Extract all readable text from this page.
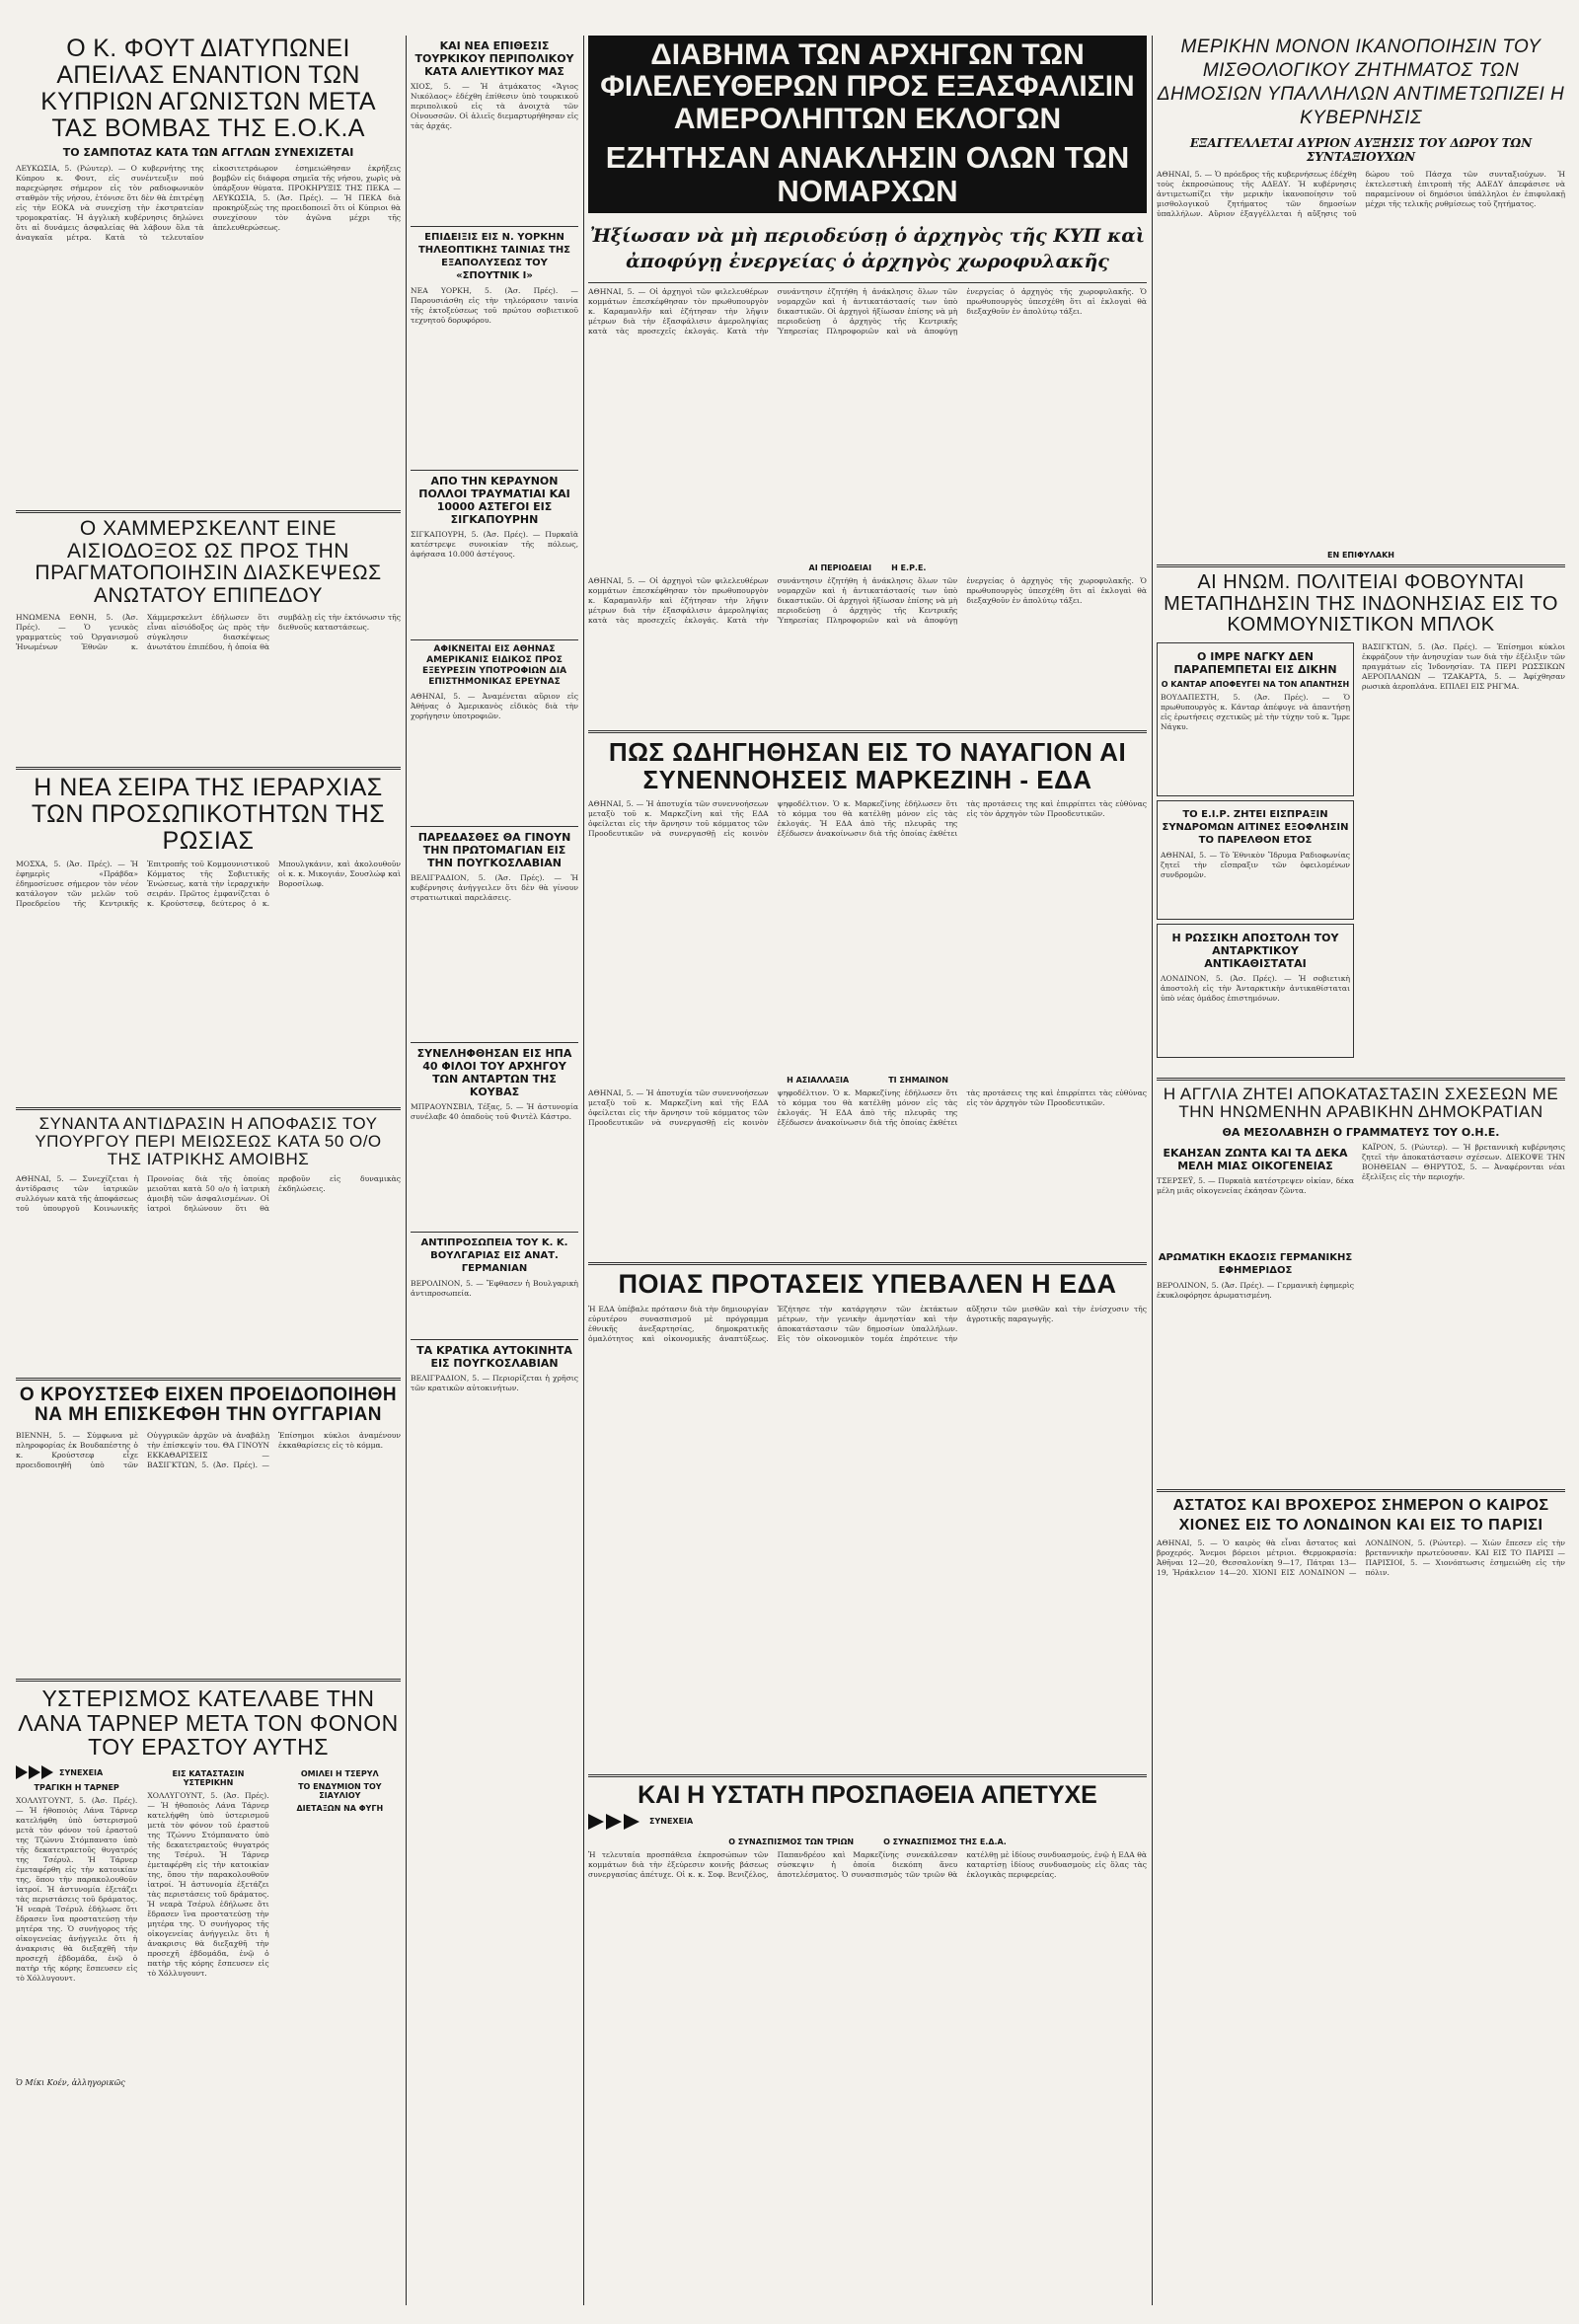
Ο Κ. ΦΟΥΤ ΔΙΑΤΥΠΩΝΕΙ ΑΠΕΙΛΑΣ ΕΝΑΝΤΙΟΝ ΤΩΝ ΚΥΠΡΙΩΝ ΑΓΩΝΙΣΤΩΝ ΜΕΤΑ ΤΑΣ ΒΟΜΒΑΣ ΤΗΣ Ε.Ο.Κ.Α
ΤΟ ΣΑΜΠΟΤΑΖ ΚΑΤΑ ΤΩΝ ΑΓΓΛΩΝ ΣΥΝΕΧΙΖΕΤΑΙ

ΛΕΥΚΩΣΙΑ, 5. (Ρώυτερ). — Ο κυβερνήτης της Κύπρου κ. Φουτ, εἰς συνέντευξιν πού παρεχώρησε σήμερον εἰς τὸν ραδιοφωνικὸν σταθμὸν τῆς νήσου, ἐτόνισε ὅτι δὲν θὰ ἐπιτρέψῃ εἰς τὴν ΕΟΚΑ νὰ συνεχίσῃ τὴν ἐκστρατείαν τρομοκρατίας. Ἡ ἀγγλικὴ κυβέρνησις δηλώνει ὅτι αἱ δυνάμεις ἀσφαλείας θὰ λάβουν ὅλα τὰ ἀναγκαῖα μέτρα. Κατὰ τὸ τελευταῖον εἰκοσιτετράωρον ἐσημειώθησαν ἐκρήξεις βομβῶν εἰς διάφορα σημεῖα τῆς νήσου, χωρὶς νὰ ὑπάρξουν θύματα. ΠΡΟΚΗΡΥΞΙΣ ΤΗΣ ΠΕΚΑ — ΛΕΥΚΩΣΙΑ, 5. (Ἀσ. Πρές). — Ἡ ΠΕΚΑ διὰ προκηρύξεώς της προειδοποιεῖ ὅτι οἱ Κύπριοι θὰ συνεχίσουν τὸν ἀγῶνα μέχρι τῆς ἀπελευθερώσεως.

Ο ΧΑΜΜΕΡΣΚΕΛΝΤ ΕΙΝΕ ΑΙΣΙΟΔΟΞΟΣ ΩΣ ΠΡΟΣ ΤΗΝ ΠΡΑΓΜΑΤΟΠΟΙΗΣΙΝ ΔΙΑΣΚΕΨΕΩΣ ΑΝΩΤΑΤΟΥ ΕΠΙΠΕΔΟΥ

ΗΝΩΜΕΝΑ ΕΘΝΗ, 5. (Ἀσ. Πρές). — Ὁ γενικὸς γραμματεὺς τοῦ Ὀργανισμοῦ Ἡνωμένων Ἐθνῶν κ. Χάμμερσκελντ ἐδήλωσεν ὅτι εἶναι αἰσιόδοξος ὡς πρὸς τὴν σύγκλησιν διασκέψεως ἀνωτάτου ἐπιπέδου, ἡ ὁποία θὰ συμβάλῃ εἰς τὴν ἐκτόνωσιν τῆς διεθνοῦς καταστάσεως.

Η ΝΕΑ ΣΕΙΡΑ ΤΗΣ ΙΕΡΑΡΧΙΑΣ ΤΩΝ ΠΡΟΣΩΠΙΚΟΤΗΤΩΝ ΤΗΣ ΡΩΣΙΑΣ

ΜΟΣΧΑ, 5. (Ἀσ. Πρές). — Ἡ ἐφημερὶς «Πράβδα» ἐδημοσίευσε σήμερον τὸν νέον κατάλογον τῶν μελῶν τοῦ Προεδρείου τῆς Κεντρικῆς Ἐπιτροπῆς τοῦ Κομμουνιστικοῦ Κόμματος τῆς Σοβιετικῆς Ἑνώσεως, κατὰ τὴν ἰεραρχικὴν σειράν. Πρῶτος ἐμφανίζεται ὁ κ. Κρούστσεφ, δεύτερος ὁ κ. Μπουλγκάνιν, καὶ ἀκολουθοῦν οἱ κ. κ. Μικογιάν, Σουσλώφ καὶ Βοροσίλωφ.

ΣΥΝΑΝΤΑ ΑΝΤΙΔΡΑΣΙΝ Η ΑΠΟΦΑΣΙΣ ΤΟΥ ΥΠΟΥΡΓΟΥ ΠΕΡΙ ΜΕΙΩΣΕΩΣ ΚΑΤΑ 50 Ο/Ο ΤΗΣ ΙΑΤΡΙΚΗΣ ΑΜΟΙΒΗΣ

ΑΘΗΝΑΙ, 5. — Συνεχίζεται ἡ ἀντίδρασις τῶν ἰατρικῶν συλλόγων κατὰ τῆς ἀποφάσεως τοῦ ὑπουργοῦ Κοινωνικῆς Προνοίας διὰ τῆς ὁποίας μειοῦται κατὰ 50 ο/ο ἡ ἰατρικὴ ἀμοιβὴ τῶν ἀσφαλισμένων. Οἱ ἰατροὶ δηλώνουν ὅτι θὰ προβοῦν εἰς δυναμικὰς ἐκδηλώσεις.

Ο ΚΡΟΥΣΤΣΕΦ ΕΙΧΕΝ ΠΡΟΕΙΔΟΠΟΙΗΘΗ ΝΑ ΜΗ ΕΠΙΣΚΕΦΘΗ ΤΗΝ ΟΥΓΓΑΡΙΑΝ

ΒΙΕΝΝΗ, 5. — Σύμφωνα μὲ πληροφορίας ἐκ Βουδαπέστης ὁ κ. Κρούστσεφ εἶχε προειδοποιηθῆ ὑπὸ τῶν Οὐγγρικῶν ἀρχῶν νὰ ἀναβάλῃ τὴν ἐπίσκεψίν του. ΘΑ ΓΙΝΟΥΝ ΕΚΚΑΘΑΡΙΣΕΙΣ — ΒΑΣΙΓΚΤΩΝ, 5. (Ἀσ. Πρές). — Ἐπίσημοι κύκλοι ἀναμένουν ἐκκαθαρίσεις εἰς τὸ κόμμα.

ΥΣΤΕΡΙΣΜΟΣ ΚΑΤΕΛΑΒΕ ΤΗΝ ΛΑΝΑ ΤΑΡΝΕΡ ΜΕΤΑ ΤΟΝ ΦΟΝΟΝ ΤΟΥ ΕΡΑΣΤΟΥ ΑΥΤΗΣ
ΣΥΝΕΧΕΙΑ
ΤΡΑΓΙΚΗ Η ΤΑΡΝΕΡ

ΧΟΛΛΥΓΟΥΝΤ, 5. (Ἀσ. Πρές). — Ἡ ἠθοποιὸς Λάνα Τάρνερ κατελήφθη ὑπὸ ὑστερισμοῦ μετὰ τὸν φόνον τοῦ ἐραστοῦ της Τζώννυ Στόμπανατο ὑπὸ τῆς δεκατετραετοῦς θυγατρός της Τσέρυλ. Ἡ Τάρνερ ἐμεταφέρθη εἰς τὴν κατοικίαν της, ὅπου τὴν παρακολουθοῦν ἰατροί. Ἡ ἀστυνομία ἐξετάζει τὰς περιστάσεις τοῦ δράματος. Ἡ νεαρὰ Τσέρυλ ἐδήλωσε ὅτι ἔδρασεν ἵνα προστατεύσῃ τὴν μητέρα της. Ὁ συνήγορος τῆς οἰκογενείας ἀνήγγειλε ὅτι ἡ ἀνακρισις θὰ διεξαχθῆ τὴν προσεχῆ ἑβδομάδα, ἐνῷ ὁ πατὴρ τῆς κόρης ἔσπευσεν εἰς τὸ Χόλλυγουντ.

Ὁ Μίκι Κοέν, ἀλληγορικῶς
ΕΙΣ ΚΑΤΑΣΤΑΣΙΝ ΥΣΤΕΡΙΚΗΝ

ΧΟΛΛΥΓΟΥΝΤ, 5. (Ἀσ. Πρές). — Ἡ ἠθοποιὸς Λάνα Τάρνερ κατελήφθη ὑπὸ ὑστερισμοῦ μετὰ τὸν φόνον τοῦ ἐραστοῦ της Τζώννυ Στόμπανατο ὑπὸ τῆς δεκατετραετοῦς θυγατρός της Τσέρυλ. Ἡ Τάρνερ ἐμεταφέρθη εἰς τὴν κατοικίαν της, ὅπου τὴν παρακολουθοῦν ἰατροί. Ἡ ἀστυνομία ἐξετάζει τὰς περιστάσεις τοῦ δράματος. Ἡ νεαρὰ Τσέρυλ ἐδήλωσε ὅτι ἔδρασεν ἵνα προστατεύσῃ τὴν μητέρα της. Ὁ συνήγορος τῆς οἰκογενείας ἀνήγγειλε ὅτι ἡ ἀνακρισις θὰ διεξαχθῆ τὴν προσεχῆ ἑβδομάδα, ἐνῷ ὁ πατὴρ τῆς κόρης ἔσπευσεν εἰς τὸ Χόλλυγουντ.

ΟΜΙΛΕΙ Η ΤΣΕΡΥΛ
ΤΟ ΕΝΔΥΜΙΟΝ ΤΟΥ ΣΙΑΥΛΙΟΥ
ΔΙΕΤΑΞΩΝ ΝΑ ΦΥΓΗ
ΚΑΙ ΝΕΑ ΕΠΙΘΕΣΙΣ ΤΟΥΡΚΙΚΟΥ ΠΕΡΙΠΟΛΙΚΟΥ ΚΑΤΑ ΑΛΙΕΥΤΙΚΟΥ ΜΑΣ

ΧΙΟΣ, 5. — Ἡ ἀτμάκατος «Ἅγιος Νικόλαος» ἐδέχθη ἐπίθεσιν ὑπὸ τουρκικοῦ περιπολικοῦ εἰς τὰ ἀνοιχτὰ τῶν Οἰνουσσῶν. Οἱ ἁλιεῖς διεμαρτυρήθησαν εἰς τὰς ἀρχάς.

ΕΠΙΔΕΙΞΙΣ ΕΙΣ Ν. ΥΟΡΚΗΝ ΤΗΛΕΟΠΤΙΚΗΣ ΤΑΙΝΙΑΣ ΤΗΣ ΕΞΑΠΟΛΥΣΕΩΣ ΤΟΥ «ΣΠΟΥΤΝΙΚ Ι»

ΝΕΑ ΥΟΡΚΗ, 5. (Ἀσ. Πρές). — Παρουσιάσθη εἰς τὴν τηλεόρασιν ταινία τῆς ἐκτοξεύσεως τοῦ πρώτου σοβιετικοῦ τεχνητοῦ δορυφόρου.

ΑΠΟ ΤΗΝ ΚΕΡΑΥΝΟΝ ΠΟΛΛΟΙ ΤΡΑΥΜΑΤΙΑΙ ΚΑΙ 10000 ΑΣΤΕΓΟΙ ΕΙΣ ΣΙΓΚΑΠΟΥΡΗΝ

ΣΙΓΚΑΠΟΥΡΗ, 5. (Ἀσ. Πρές). — Πυρκαϊὰ κατέστρεψε συνοικίαν τῆς πόλεως, ἀφήσασα 10.000 ἀστέγους.

ΑΦΙΚΝΕΙΤΑΙ ΕΙΣ ΑΘΗΝΑΣ ΑΜΕΡΙΚΑΝΙΣ ΕΙΔΙΚΟΣ ΠΡΟΣ ΕΞΕΥΡΕΣΙΝ ΥΠΟΤΡΟΦΙΩΝ ΔΙΑ ΕΠΙΣΤΗΜΟΝΙΚΑΣ ΕΡΕΥΝΑΣ

ΑΘΗΝΑΙ, 5. — Ἀναμένεται αὔριον εἰς Ἀθήνας ὁ Ἀμερικανὸς εἰδικὸς διὰ τὴν χορήγησιν ὑποτροφιῶν.

ΠΑΡΕΔΑΣΘΕΣ ΘΑ ΓΙΝΟΥΝ ΤΗΝ ΠΡΩΤΟΜΑΓΙΑΝ ΕΙΣ ΤΗΝ ΠΟΥΓΚΟΣΛΑΒΙΑΝ

ΒΕΛΙΓΡΑΔΙΟΝ, 5. (Ἀσ. Πρές). — Ἡ κυβέρνησις ἀνήγγειλεν ὅτι δὲν θὰ γίνουν στρατιωτικαὶ παρελάσεις.

ΣΥΝΕΛΗΦΘΗΣΑΝ ΕΙΣ ΗΠΑ 40 ΦΙΛΟΙ ΤΟΥ ΑΡΧΗΓΟΥ ΤΩΝ ΑΝΤΑΡΤΩΝ ΤΗΣ ΚΟΥΒΑΣ

ΜΠΡΑΟΥΝΣΒΙΛ, Τέξας, 5. — Ἡ ἀστυνομία συνέλαβε 40 ὀπαδοὺς τοῦ Φιντὲλ Κάστρο.

ΑΝΤΙΠΡΟΣΩΠΕΙΑ ΤΟΥ Κ. Κ. ΒΟΥΛΓΑΡΙΑΣ ΕΙΣ ΑΝΑΤ. ΓΕΡΜΑΝΙΑΝ

ΒΕΡΟΛΙΝΟΝ, 5. — Ἔφθασεν ἡ Βουλγαρικὴ ἀντιπροσωπεία.

ΤΑ ΚΡΑΤΙΚΑ ΑΥΤΟΚΙΝΗΤΑ ΕΙΣ ΠΟΥΓΚΟΣΛΑΒΙΑΝ

ΒΕΛΙΓΡΑΔΙΟΝ, 5. — Περιορίζεται ἡ χρῆσις τῶν κρατικῶν αὐτοκινήτων.

ΔΙΑΒΗΜΑ ΤΩΝ ΑΡΧΗΓΩΝ ΤΩΝ ΦΙΛΕΛΕΥΘΕΡΩΝ ΠΡΟΣ ΕΞΑΣΦΑΛΙΣΙΝ ΑΜΕΡΟΛΗΠΤΩΝ ΕΚΛΟΓΩΝ
ΕΖΗΤΗΣΑΝ ΑΝΑΚΛΗΣΙΝ ΟΛΩΝ ΤΩΝ ΝΟΜΑΡΧΩΝ
Ἠξίωσαν νὰ μὴ περιοδεύσῃ ὁ ἀρχηγὸς τῆς ΚΥΠ καὶ ἀποφύγῃ ἐνεργείας ὁ ἀρχηγὸς χωροφυλακῆς

ΑΘΗΝΑΙ, 5. — Οἱ ἀρχηγοὶ τῶν φιλελευθέρων κομμάτων ἐπεσκέφθησαν τὸν πρωθυπουργὸν κ. Καραμανλῆν καὶ ἐζήτησαν τὴν λῆψιν μέτρων διὰ τὴν ἐξασφάλισιν ἀμεροληψίας κατὰ τὰς προσεχεῖς ἐκλογάς. Κατὰ τὴν συνάντησιν ἐζητήθη ἡ ἀνάκλησις ὅλων τῶν νομαρχῶν καὶ ἡ ἀντικατάστασίς των ὑπὸ δικαστικῶν. Οἱ ἀρχηγοὶ ἠξίωσαν ἐπίσης νὰ μὴ περιοδεύσῃ ὁ ἀρχηγὸς τῆς Κεντρικῆς Ὑπηρεσίας Πληροφοριῶν καὶ νὰ ἀποφύγῃ ἐνεργείας ὁ ἀρχηγὸς τῆς χωροφυλακῆς. Ὁ πρωθυπουργὸς ὑπεσχέθη ὅτι αἱ ἐκλογαὶ θὰ διεξαχθοῦν ἐν ἀπολύτῳ τάξει.

ΑΙ ΠΕΡΙΟΔΕΙΑΙ	Η Ε.Ρ.Ε.

ΑΘΗΝΑΙ, 5. — Οἱ ἀρχηγοὶ τῶν φιλελευθέρων κομμάτων ἐπεσκέφθησαν τὸν πρωθυπουργὸν κ. Καραμανλῆν καὶ ἐζήτησαν τὴν λῆψιν μέτρων διὰ τὴν ἐξασφάλισιν ἀμεροληψίας κατὰ τὰς προσεχεῖς ἐκλογάς. Κατὰ τὴν συνάντησιν ἐζητήθη ἡ ἀνάκλησις ὅλων τῶν νομαρχῶν καὶ ἡ ἀντικατάστασίς των ὑπὸ δικαστικῶν. Οἱ ἀρχηγοὶ ἠξίωσαν ἐπίσης νὰ μὴ περιοδεύσῃ ὁ ἀρχηγὸς τῆς Κεντρικῆς Ὑπηρεσίας Πληροφοριῶν καὶ νὰ ἀποφύγῃ ἐνεργείας ὁ ἀρχηγὸς τῆς χωροφυλακῆς. Ὁ πρωθυπουργὸς ὑπεσχέθη ὅτι αἱ ἐκλογαὶ θὰ διεξαχθοῦν ἐν ἀπολύτῳ τάξει.

ΠΩΣ ΩΔΗΓΗΘΗΣΑΝ ΕΙΣ ΤΟ ΝΑΥΑΓΙΟΝ ΑΙ ΣΥΝΕΝΝΟΗΣΕΙΣ ΜΑΡΚΕΖΙΝΗ - ΕΔΑ

ΑΘΗΝΑΙ, 5. — Ἡ ἀποτυχία τῶν συνεννοήσεων μεταξὺ τοῦ κ. Μαρκεζίνη καὶ τῆς ΕΔΑ ὀφείλεται εἰς τὴν ἄρνησιν τοῦ κόμματος τῶν Προοδευτικῶν νὰ συνεργασθῇ εἰς κοινὸν ψηφοδέλτιον. Ὁ κ. Μαρκεζίνης ἐδήλωσεν ὅτι τὸ κόμμα του θὰ κατέλθῃ μόνον εἰς τὰς ἐκλογάς. Ἡ ΕΔΑ ἀπὸ τῆς πλευρᾶς της ἐξέδωσεν ἀνακοίνωσιν διὰ τῆς ὁποίας ἐκθέτει τὰς προτάσεις της καὶ ἐπιρρίπτει τὰς εὐθύνας εἰς τὸν ἀρχηγὸν τῶν Προοδευτικῶν.

Η ΑΣΙΑΛΛΑΞΙΑ	ΤΙ ΣΗΜΑΙΝΟΝ

ΑΘΗΝΑΙ, 5. — Ἡ ἀποτυχία τῶν συνεννοήσεων μεταξὺ τοῦ κ. Μαρκεζίνη καὶ τῆς ΕΔΑ ὀφείλεται εἰς τὴν ἄρνησιν τοῦ κόμματος τῶν Προοδευτικῶν νὰ συνεργασθῇ εἰς κοινὸν ψηφοδέλτιον. Ὁ κ. Μαρκεζίνης ἐδήλωσεν ὅτι τὸ κόμμα του θὰ κατέλθῃ μόνον εἰς τὰς ἐκλογάς. Ἡ ΕΔΑ ἀπὸ τῆς πλευρᾶς της ἐξέδωσεν ἀνακοίνωσιν διὰ τῆς ὁποίας ἐκθέτει τὰς προτάσεις της καὶ ἐπιρρίπτει τὰς εὐθύνας εἰς τὸν ἀρχηγὸν τῶν Προοδευτικῶν.

ΠΟΙΑΣ ΠΡΟΤΑΣΕΙΣ ΥΠΕΒΑΛΕΝ Η ΕΔΑ

Ἡ ΕΔΑ ὑπέβαλε πρότασιν διὰ τὴν δημιουργίαν εὐρυτέρου συνασπισμοῦ μὲ πρόγραμμα ἐθνικῆς ἀνεξαρτησίας, δημοκρατικῆς ὁμαλότητος καὶ οἰκονομικῆς ἀναπτύξεως. Ἐζήτησε τὴν κατάργησιν τῶν ἐκτάκτων μέτρων, τὴν γενικὴν ἀμνηστίαν καὶ τὴν ἀποκατάστασιν τῶν δημοσίων ὑπαλλήλων. Εἰς τὸν οἰκονομικὸν τομέα ἐπρότεινε τὴν αὔξησιν τῶν μισθῶν καὶ τὴν ἐνίσχυσιν τῆς ἀγροτικῆς παραγωγῆς.

ΚΑΙ Η ΥΣΤΑΤΗ ΠΡΟΣΠΑΘΕΙΑ ΑΠΕΤΥΧΕ
ΣΥΝΕΧΕΙΑ
Ο ΣΥΝΑΣΠΙΣΜΟΣ ΤΩΝ ΤΡΙΩΝ	Ο ΣΥΝΑΣΠΙΣΜΟΣ ΤΗΣ Ε.Δ.Α.

Ἡ τελευταία προσπάθεια ἐκπροσώπων τῶν κομμάτων διὰ τὴν ἐξεύρεσιν κοινῆς βάσεως συνεργασίας ἀπέτυχε. Οἱ κ. κ. Σοφ. Βενιζέλος, Παπανδρέου καὶ Μαρκεζίνης συνεκάλεσαν σύσκεψιν ἡ ὁποία διεκόπη ἄνευ ἀποτελέσματος. Ὁ συνασπισμὸς τῶν τριῶν θὰ κατέλθῃ μὲ ἰδίους συνδυασμούς, ἐνῷ ἡ ΕΔΑ θὰ καταρτίσῃ ἰδίους συνδυασμοὺς εἰς ὅλας τὰς ἐκλογικὰς περιφερείας.

ΜΕΡΙΚΗΝ ΜΟΝΟΝ ΙΚΑΝΟΠΟΙΗΣΙΝ ΤΟΥ ΜΙΣΘΟΛΟΓΙΚΟΥ ΖΗΤΗΜΑΤΟΣ ΤΩΝ ΔΗΜΟΣΙΩΝ ΥΠΑΛΛΗΛΩΝ ΑΝΤΙΜΕΤΩΠΙΖΕΙ Η ΚΥΒΕΡΝΗΣΙΣ
ΕΞΑΓΓΕΛΛΕΤΑΙ ΑΥΡΙΟΝ ΑΥΞΗΣΙΣ ΤΟΥ ΔΩΡΟΥ ΤΩΝ ΣΥΝΤΑΞΙΟΥΧΩΝ

ΑΘΗΝΑΙ, 5. — Ὁ πρόεδρος τῆς κυβερνήσεως ἐδέχθη τοὺς ἐκπροσώπους τῆς ΑΔΕΔΥ. Ἡ κυβέρνησις ἀντιμετωπίζει τὴν μερικὴν ἱκανοποίησιν τοῦ μισθολογικοῦ ζητήματος τῶν δημοσίων ὑπαλλήλων. Αὔριον ἐξαγγέλλεται ἡ αὔξησις τοῦ δώρου τοῦ Πάσχα τῶν συνταξιούχων. Ἡ ἐκτελεστικὴ ἐπιτροπὴ τῆς ΑΔΕΔΥ ἀπεφάσισε νὰ παραμείνουν οἱ δημόσιοι ὑπάλληλοι ἐν ἐπιφυλακῇ μέχρι τῆς τελικῆς ρυθμίσεως τοῦ ζητήματος.

ΕΝ ΕΠΙΦΥΛΑΚΗ
ΑΙ ΗΝΩΜ. ΠΟΛΙΤΕΙΑΙ ΦΟΒΟΥΝΤΑΙ ΜΕΤΑΠΗΔΗΣΙΝ ΤΗΣ ΙΝΔΟΝΗΣΙΑΣ ΕΙΣ ΤΟ ΚΟΜΜΟΥΝΙΣΤΙΚΟΝ ΜΠΛΟΚ
Ο ΙΜΡΕ ΝΑΓΚΥ ΔΕΝ ΠΑΡΑΠΕΜΠΕΤΑΙ ΕΙΣ ΔΙΚΗΝ
Ο ΚΑΝΤΑΡ ΑΠΟΦΕΥΓΕΙ ΝΑ ΤΟΝ ΑΠΑΝΤΗΣΗ

ΒΟΥΔΑΠΕΣΤΗ, 5. (Ἀσ. Πρές). — Ὁ πρωθυπουργὸς κ. Κάνταρ ἀπέφυγε νὰ ἀπαντήσῃ εἰς ἐρωτήσεις σχετικῶς μὲ τὴν τύχην τοῦ κ. Ἴμρε Νάγκυ.

ΤΟ Ε.Ι.Ρ. ΖΗΤΕΙ ΕΙΣΠΡΑΞΙΝ ΣΥΝΔΡΟΜΩΝ ΑΙΤΙΝΕΣ ΕΞΟΦΛΗΣΙΝ ΤΟ ΠΑΡΕΛΘΟΝ ΕΤΟΣ

ΑΘΗΝΑΙ, 5. — Τὸ Ἐθνικὸν Ἵδρυμα Ραδιοφωνίας ζητεῖ τὴν εἴσπραξιν τῶν ὀφειλομένων συνδρομῶν.

Η ΡΩΣΣΙΚΗ ΑΠΟΣΤΟΛΗ ΤΟΥ ΑΝΤΑΡΚΤΙΚΟΥ ΑΝΤΙΚΑΘΙΣΤΑΤΑΙ

ΛΟΝΔΙΝΟΝ, 5. (Ἀσ. Πρές). — Ἡ σοβιετικὴ ἀποστολὴ εἰς τὴν Ἀνταρκτικὴν ἀντικαθίσταται ὑπὸ νέας ὁμάδος ἐπιστημόνων.

ΒΑΣΙΓΚΤΩΝ, 5. (Ἀσ. Πρές). — Ἐπίσημοι κύκλοι ἐκφράζουν τὴν ἀνησυχίαν των διὰ τὴν ἐξέλιξιν τῶν πραγμάτων εἰς Ἰνδονησίαν. ΤΑ ΠΕΡΙ ΡΩΣΣΙΚΩΝ ΑΕΡΟΠΛΑΝΩΝ — ΤΖΑΚΑΡΤΑ, 5. — Ἀφίχθησαν ρωσικὰ ἀεροπλάνα. ΕΠΙΛΕΙ ΕΙΣ ΡΗΓΜΑ.

Η ΑΓΓΛΙΑ ΖΗΤΕΙ ΑΠΟΚΑΤΑΣΤΑΣΙΝ ΣΧΕΣΕΩΝ ΜΕ ΤΗΝ ΗΝΩΜΕΝΗΝ ΑΡΑΒΙΚΗΝ ΔΗΜΟΚΡΑΤΙΑΝ
ΘΑ ΜΕΣΟΛΑΒΗΣΗ Ο ΓΡΑΜΜΑΤΕΥΣ ΤΟΥ Ο.Η.Ε.
ΕΚΑΗΣΑΝ ΖΩΝΤΑ ΚΑΙ ΤΑ ΔΕΚΑ ΜΕΛΗ ΜΙΑΣ ΟΙΚΟΓΕΝΕΙΑΣ

ΤΣΕΡΣΕΫ, 5. — Πυρκαϊὰ κατέστρεψεν οἰκίαν, δέκα μέλη μιᾶς οἰκογενείας ἐκάησαν ζῶντα.

ΑΡΩΜΑΤΙΚΗ ΕΚΔΟΣΙΣ ΓΕΡΜΑΝΙΚΗΣ ΕΦΗΜΕΡΙΔΟΣ

ΒΕΡΟΛΙΝΟΝ, 5. (Ἀσ. Πρές). — Γερμανικὴ ἐφημερὶς ἐκυκλοφόρησε ἀρωματισμένη.

ΚΑΪΡΟΝ, 5. (Ρώυτερ). — Ἡ βρεταννικὴ κυβέρνησις ζητεῖ τὴν ἀποκατάστασιν σχέσεων. ΔΙΕΚΟΨΕ ΤΗΝ ΒΟΗΘΕΙΑΝ — ΘΗΡΥΤΟΣ, 5. — Ἀναφέρονται νέαι ἐξελίξεις εἰς τὴν περιοχήν.

ΑΣΤΑΤΟΣ ΚΑΙ ΒΡΟΧΕΡΟΣ ΣΗΜΕΡΟΝ Ο ΚΑΙΡΟΣ
ΧΙΟΝΕΣ ΕΙΣ ΤΟ ΛΟΝΔΙΝΟΝ ΚΑΙ ΕΙΣ ΤΟ ΠΑΡΙΣΙ

ΑΘΗΝΑΙ, 5. — Ὁ καιρὸς θὰ εἶναι ἄστατος καὶ βροχερός. Ἄνεμοι βόρειοι μέτριοι. Θερμοκρασία: Ἀθῆναι 12—20, Θεσσαλονίκη 9—17, Πάτραι 13—19, Ἠράκλειον 14—20. ΧΙΟΝΙ ΕΙΣ ΛΟΝΔΙΝΟΝ — ΛΟΝΔΙΝΟΝ, 5. (Ρώυτερ). — Χιὼν ἔπεσεν εἰς τὴν βρεταννικὴν πρωτεύουσαν. ΚΑΙ ΕΙΣ ΤΟ ΠΑΡΙΣΙ — ΠΑΡΙΣΙΟΙ, 5. — Χιονόπτωσις ἐσημειώθη εἰς τὴν πόλιν.
